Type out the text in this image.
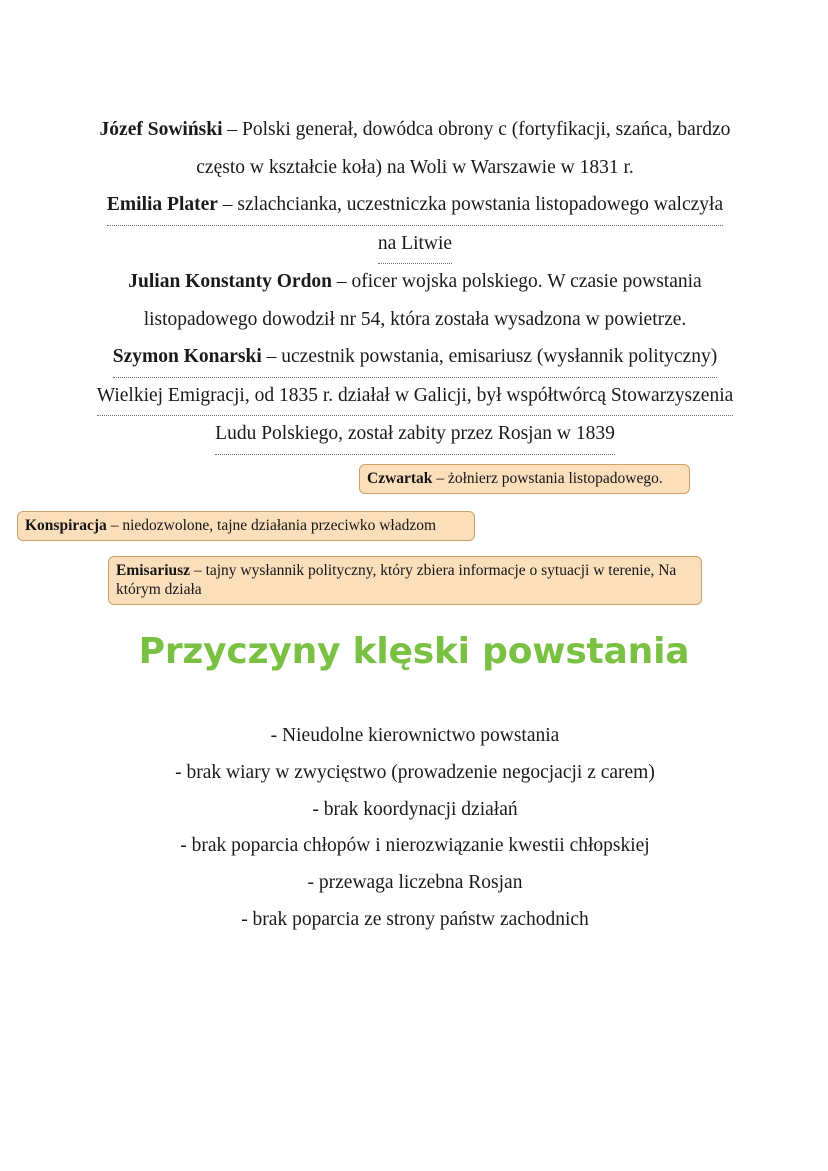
Józef Sowiński – Polski generał, dowódca obrony c (fortyfikacji, szańca, bardzo
często w kształcie koła) na Woli w Warszawie w 1831 r.
Emilia Plater – szlachcianka, uczestniczka powstania listopadowego walczyła
na Litwie
Julian Konstanty Ordon – oficer wojska polskiego. W czasie powstania
listopadowego dowodził nr 54, która została wysadzona w powietrze.
Szymon Konarski – uczestnik powstania, emisariusz (wysłannik polityczny)
Wielkiej Emigracji, od 1835 r. działał w Galicji, był współtwórcą Stowarzyszenia
Ludu Polskiego, został zabity przez Rosjan w 1839
Czwartak – żołnierz powstania listopadowego.
Konspiracja – niedozwolone, tajne działania przeciwko władzom
Emisariusz – tajny wysłannik polityczny, który zbiera informacje o sytuacji w terenie, Na którym działa
Przyczyny klęski powstania
- Nieudolne kierownictwo powstania
- brak wiary w zwycięstwo (prowadzenie negocjacji z carem)
- brak koordynacji działań
- brak poparcia chłopów i nierozwiązanie kwestii chłopskiej
- przewaga liczebna Rosjan
- brak poparcia ze strony państw zachodnich
